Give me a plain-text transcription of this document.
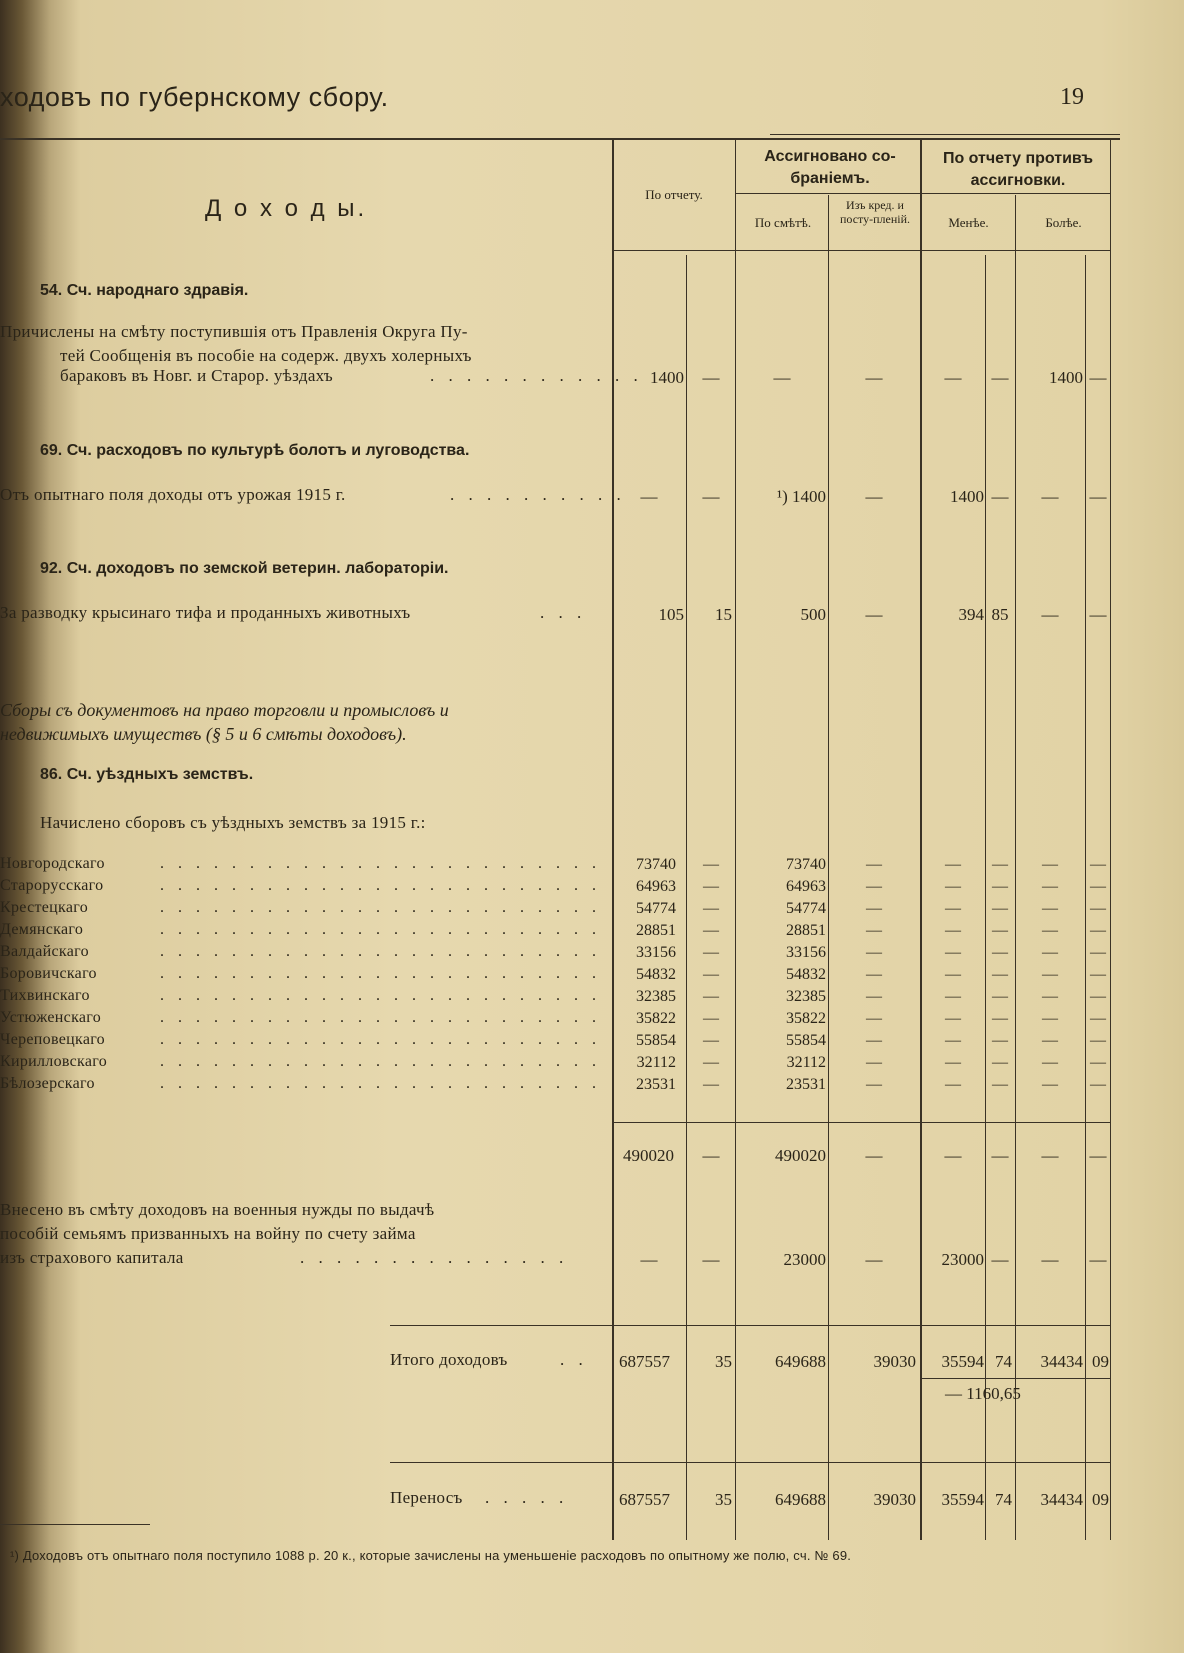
ходовъ по губернскому сбору.	19
Д о х о д ы.
По отчету.
Ассигновано со-браніемъ.
По смѣтѣ.
Изъ кред. и посту-пленій.
По отчету противъ ассигновки.
Менѣе.	Болѣе.
54. Сч. народнаго здравія.
Причислены на смѣту поступившія отъ Правленія Округа Пу-
тей Сообщенія въ пособіе на содерж. двухъ холерныхъ
бараковъ въ Новг. и Старор. уѣздахъ	. . . . . . . . . . . . 1400	—	—	—	—	—	1400 —
69. Сч. расходовъ по культурѣ болотъ и луговодства.
Отъ опытнаго поля доходы отъ урожая 1915 г.	. . . . . . . . . . —	—	¹) 1400	—	1400 —	—	—
92. Сч. доходовъ по земской ветерин. лабораторіи.
За разводку крысинаго тифа и проданныхъ животныхъ	. . .	105	15	500	—	394 85	—	—
Сборы съ документовъ на право торговли и промысловъ и
недвижимыхъ имуществъ (§ 5 и 6 смѣты доходовъ).
86. Сч. уѣздныхъ земствъ.
Начислено сборовъ съ уѣздныхъ земствъ за 1915 г.:
Новгородскаго	. . . . . . . . . . . . . . . . . . . . . . . . .	73740	—	73740	—	—	—	—	—
Старорусскаго	. . . . . . . . . . . . . . . . . . . . . . . . .	64963	—	64963	—	—	—	—	—
Крестецкаго	. . . . . . . . . . . . . . . . . . . . . . . . .	54774	—	54774	—	—	—	—	—
Демянскаго	. . . . . . . . . . . . . . . . . . . . . . . . .	28851	—	28851	—	—	—	—	—
Валдайскаго	. . . . . . . . . . . . . . . . . . . . . . . . .	33156	—	33156	—	—	—	—	—
Боровичскаго	. . . . . . . . . . . . . . . . . . . . . . . . .	54832	—	54832	—	—	—	—	—
Тихвинскаго	. . . . . . . . . . . . . . . . . . . . . . . . .	32385	—	32385	—	—	—	—	—
Устюженскаго	. . . . . . . . . . . . . . . . . . . . . . . . .	35822	—	35822	—	—	—	—	—
Череповецкаго	. . . . . . . . . . . . . . . . . . . . . . . . .	55854	—	55854	—	—	—	—	—
Кирилловскаго	. . . . . . . . . . . . . . . . . . . . . . . . .	32112	—	32112	—	—	—	—	—
Бѣлозерскаго	. . . . . . . . . . . . . . . . . . . . . . . . .	23531	—	23531	—	—	—	—	—
490020	—	490020	—	—	—	—	—
Внесено въ смѣту доходовъ на военныя нужды по выдачѣ
пособій семьямъ призванныхъ на войну по счету займа
изъ страхового капитала	. . . . . . . . . . . . . . .	—	—	23000	—	23000 —	—	—
Итого доходовъ	. .	687557	35	649688	39030	35594 74	34434 09
— 1160,65
Переносъ . . . . .	687557	35	649688	39030	35594 74	34434 09
¹) Доходовъ отъ опытнаго поля поступило 1088 р. 20 к., которые зачислены на уменьшеніе расходовъ по опытному же полю, сч. № 69.
